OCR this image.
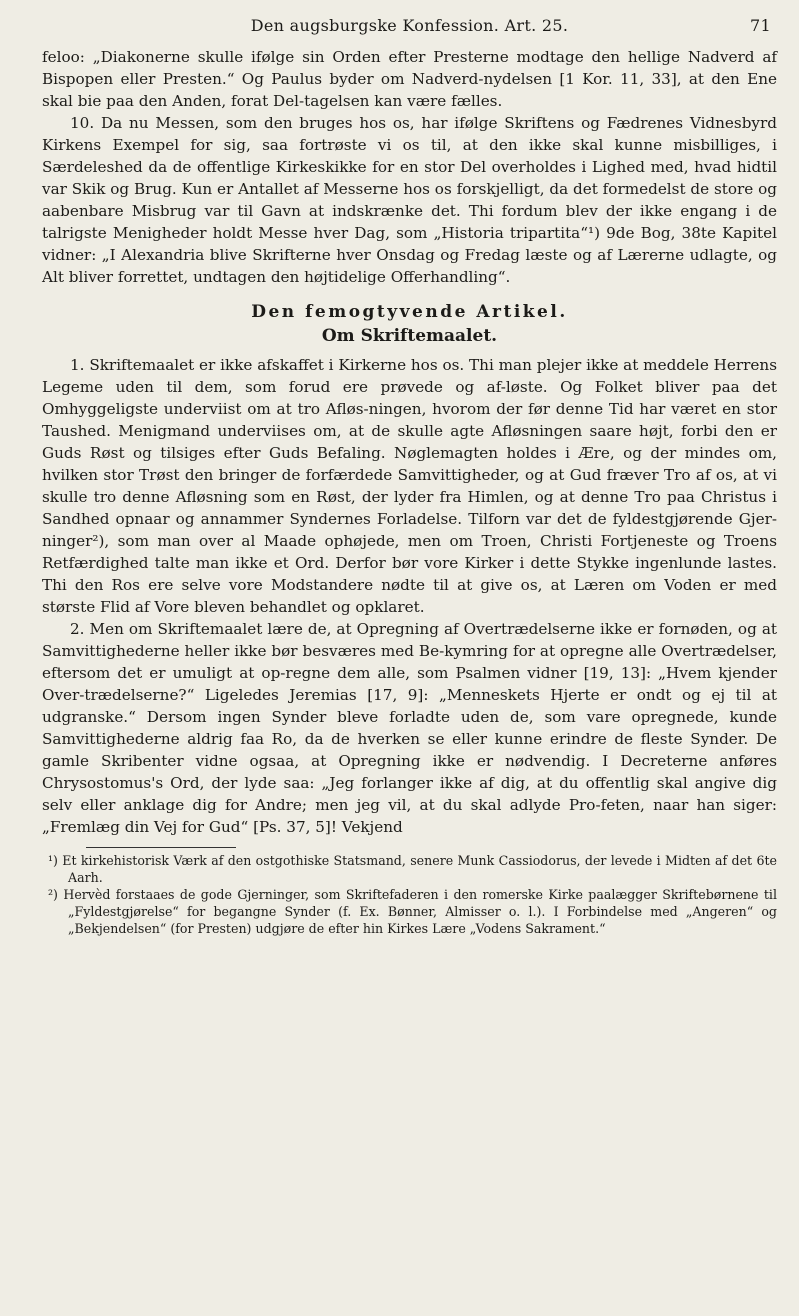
Den augsburgske Konfession. Art. 25.	71

feloo: „Diakonerne skulle ifølge sin Orden efter Presterne modtage den hellige Nadverd af Bispopen eller Presten.“ Og Paulus byder om Nadverd-nydelsen [1 Kor. 11, 33], at den Ene skal bie paa den Anden, forat Del-tagelsen kan være fælles.

10. Da nu Messen, som den bruges hos os, har ifølge Skriftens og Fædrenes Vidnesbyrd Kirkens Exempel for sig, saa fortrøste vi os til, at den ikke skal kunne misbilliges, i Særdeleshed da de offentlige Kirkeskikke for en stor Del overholdes i Lighed med, hvad hidtil var Skik og Brug. Kun er Antallet af Messerne hos os forskjelligt, da det formedelst de store og aabenbare Misbrug var til Gavn at indskrænke det. Thi fordum blev der ikke engang i de talrigste Menigheder holdt Messe hver Dag, som „Historia tripartita“¹) 9de Bog, 38te Kapitel vidner: „I Alexandria blive Skrifterne hver Onsdag og Fredag læste og af Lærerne udlagte, og Alt bliver forrettet, undtagen den højtidelige Offerhandling“.

Den femogtyvende Artikel.
Om Skriftemaalet.

1. Skriftemaalet er ikke afskaffet i Kirkerne hos os. Thi man plejer ikke at meddele Herrens Legeme uden til dem, som forud ere prøvede og af-løste. Og Folket bliver paa det Omhyggeligste underviist om at tro Afløs-ningen, hvorom der før denne Tid har været en stor Taushed. Menigmand underviises om, at de skulle agte Afløsningen saare højt, forbi den er Guds Røst og tilsiges efter Guds Befaling. Nøglemagten holdes i Ære, og der mindes om, hvilken stor Trøst den bringer de forfærdede Samvittigheder, og at Gud fræver Tro af os, at vi skulle tro denne Afløsning som en Røst, der lyder fra Himlen, og at denne Tro paa Christus i Sandhed opnaar og annammer Syndernes Forladelse. Tilforn var det de fyldestgjørende Gjer-ninger²), som man over al Maade ophøjede, men om Troen, Christi Fortjeneste og Troens Retfærdighed talte man ikke et Ord. Derfor bør vore Kirker i dette Stykke ingenlunde lastes. Thi den Ros ere selve vore Modstandere nødte til at give os, at Læren om Voden er med største Flid af Vore bleven behandlet og opklaret.

2. Men om Skriftemaalet lære de, at Opregning af Overtrædelserne ikke er fornøden, og at Samvittighederne heller ikke bør besværes med Be-kymring for at opregne alle Overtrædelser, eftersom det er umuligt at op-regne dem alle, som Psalmen vidner [19, 13]: „Hvem kjender Over-trædelserne?“ Ligeledes Jeremias [17, 9]: „Menneskets Hjerte er ondt og ej til at udgranske.“ Dersom ingen Synder bleve forladte uden de, som vare opregnede, kunde Samvittighederne aldrig faa Ro, da de hverken se eller kunne erindre de fleste Synder. De gamle Skribenter vidne ogsaa, at Opregning ikke er nødvendig. I Decreterne anføres Chrysostomus's Ord, der lyde saa: „Jeg forlanger ikke af dig, at du offentlig skal angive dig selv eller anklage dig for Andre; men jeg vil, at du skal adlyde Pro-feten, naar han siger: „Fremlæg din Vej for Gud“ [Ps. 37, 5]! Vekjend

¹) Et kirkehistorisk Værk af den ostgothiske Statsmand, senere Munk Cassiodorus, der levede i Midten af det 6te Aarh.

²) Hervèd forstaaes de gode Gjerninger, som Skriftefaderen i den romerske Kirke paalægger Skriftebørnene til „Fyldestgjørelse“ for begangne Synder (f. Ex. Bønner, Almisser o. l.). I Forbindelse med „Angeren“ og „Bekjendelsen“ (for Presten) udgjøre de efter hin Kirkes Lære „Vodens Sakrament.“
